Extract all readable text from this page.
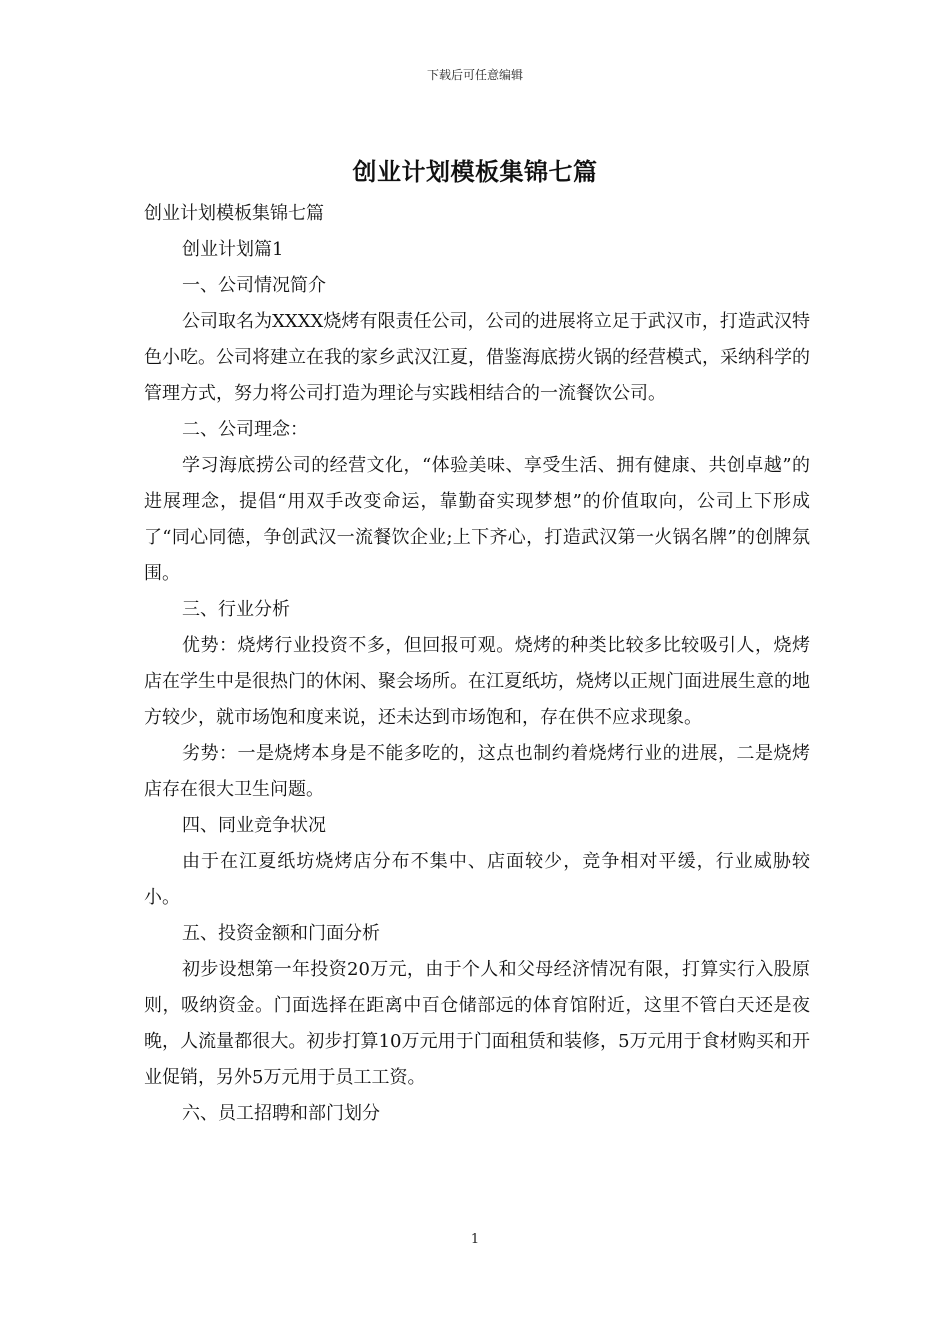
下载后可任意编辑
创业计划模板集锦七篇

创业计划模板集锦七篇

创业计划篇1

一、公司情况简介

公司取名为XXXX烧烤有限责任公司，公司的进展将立足于武汉市，打造武汉特色小吃。公司将建立在我的家乡武汉江夏，借鉴海底捞火锅的经营模式，采纳科学的管理方式，努力将公司打造为理论与实践相结合的一流餐饮公司。

二、公司理念：

学习海底捞公司的经营文化，“体验美味、享受生活、拥有健康、共创卓越”的进展理念，提倡“用双手改变命运，靠勤奋实现梦想”的价值取向，公司上下形成了“同心同德，争创武汉一流餐饮企业;上下齐心，打造武汉第一火锅名牌”的创牌氛围。

三、行业分析

优势：烧烤行业投资不多，但回报可观。烧烤的种类比较多比较吸引人，烧烤店在学生中是很热门的休闲、聚会场所。在江夏纸坊，烧烤以正规门面进展生意的地方较少，就市场饱和度来说，还未达到市场饱和，存在供不应求现象。

劣势：一是烧烤本身是不能多吃的，这点也制约着烧烤行业的进展，二是烧烤店存在很大卫生问题。

四、同业竞争状况

由于在江夏纸坊烧烤店分布不集中、店面较少，竞争相对平缓，行业威胁较小。

五、投资金额和门面分析

初步设想第一年投资20万元，由于个人和父母经济情况有限，打算实行入股原则，吸纳资金。门面选择在距离中百仓储部远的体育馆附近，这里不管白天还是夜晚，人流量都很大。初步打算10万元用于门面租赁和装修，5万元用于食材购买和开业促销，另外5万元用于员工工资。

六、员工招聘和部门划分

1
